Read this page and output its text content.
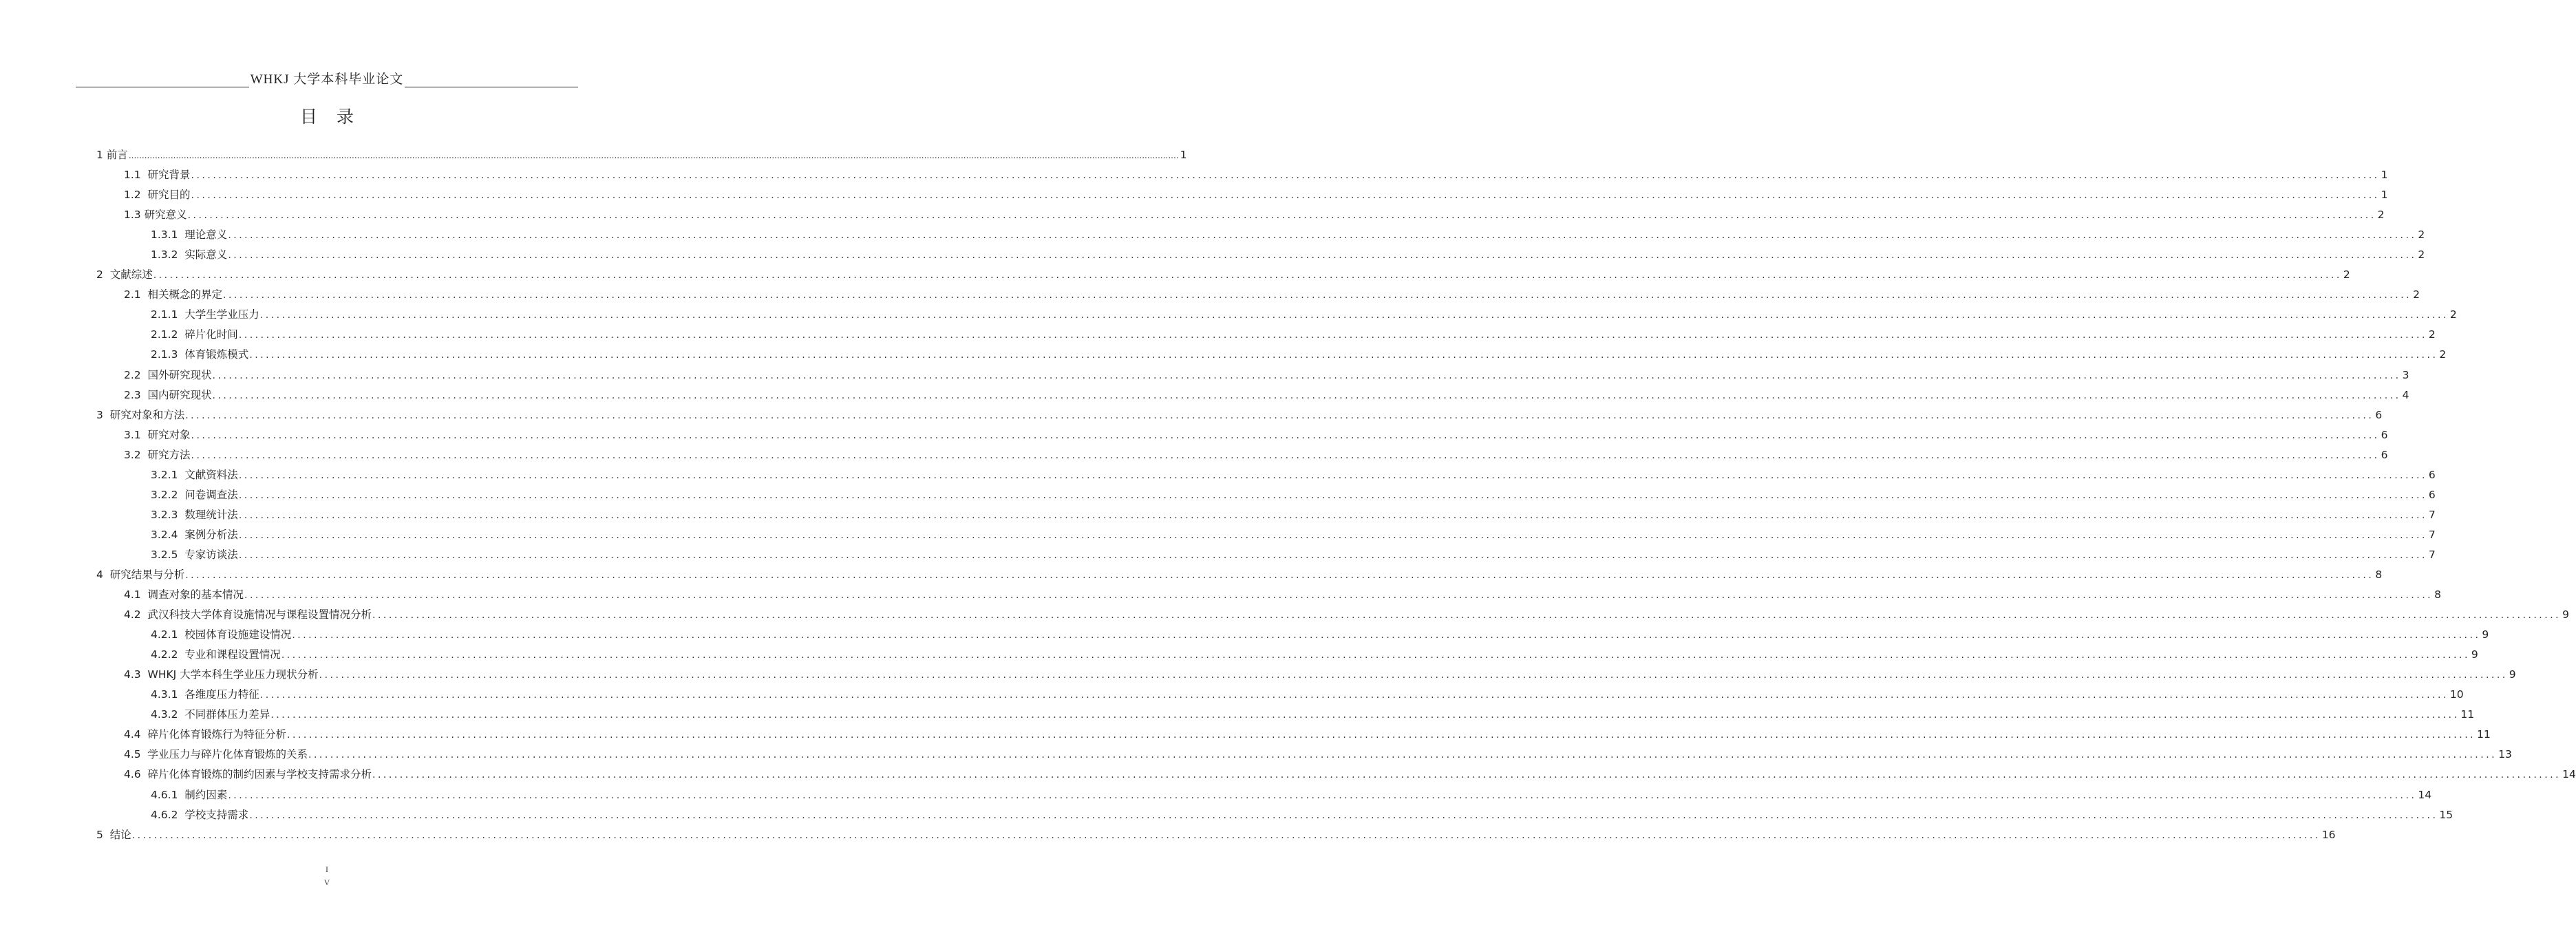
WHKJ 大学本科毕业论文
目 录
1 前言 ................................................................................................................................................................................................................................................................................................................................................................................................................ 1
1.1 研究背景 ................................................................................................................................................................................................................................................................................................................................................................................................................ 1
1.2 研究目的 ................................................................................................................................................................................................................................................................................................................................................................................................................ 1
1.3 研究意义 ................................................................................................................................................................................................................................................................................................................................................................................................................ 2
1.3.1 理论意义 ................................................................................................................................................................................................................................................................................................................................................................................................................ 2
1.3.2 实际意义 ................................................................................................................................................................................................................................................................................................................................................................................................................ 2
2 文献综述 ................................................................................................................................................................................................................................................................................................................................................................................................................ 2
2.1 相关概念的界定 ................................................................................................................................................................................................................................................................................................................................................................................................................ 2
2.1.1 大学生学业压力 ................................................................................................................................................................................................................................................................................................................................................................................................................ 2
2.1.2 碎片化时间 ................................................................................................................................................................................................................................................................................................................................................................................................................ 2
2.1.3 体育锻炼模式 ................................................................................................................................................................................................................................................................................................................................................................................................................ 2
2.2 国外研究现状 ................................................................................................................................................................................................................................................................................................................................................................................................................ 3
2.3 国内研究现状 ................................................................................................................................................................................................................................................................................................................................................................................................................ 4
3 研究对象和方法 ................................................................................................................................................................................................................................................................................................................................................................................................................ 6
3.1 研究对象 ................................................................................................................................................................................................................................................................................................................................................................................................................ 6
3.2 研究方法 ................................................................................................................................................................................................................................................................................................................................................................................................................ 6
3.2.1 文献资料法 ................................................................................................................................................................................................................................................................................................................................................................................................................ 6
3.2.2 问卷调查法 ................................................................................................................................................................................................................................................................................................................................................................................................................ 6
3.2.3 数理统计法 ................................................................................................................................................................................................................................................................................................................................................................................................................ 7
3.2.4 案例分析法 ................................................................................................................................................................................................................................................................................................................................................................................................................ 7
3.2.5 专家访谈法 ................................................................................................................................................................................................................................................................................................................................................................................................................ 7
4 研究结果与分析 ................................................................................................................................................................................................................................................................................................................................................................................................................ 8
4.1 调查对象的基本情况 ................................................................................................................................................................................................................................................................................................................................................................................................................ 8
4.2 武汉科技大学体育设施情况与课程设置情况分析 ................................................................................................................................................................................................................................................................................................................................................................................................................ 9
4.2.1 校园体育设施建设情况 ................................................................................................................................................................................................................................................................................................................................................................................................................ 9
4.2.2 专业和课程设置情况 ................................................................................................................................................................................................................................................................................................................................................................................................................ 9
4.3 WHKJ 大学本科生学业压力现状分析 ................................................................................................................................................................................................................................................................................................................................................................................................................ 9
4.3.1 各维度压力特征 ................................................................................................................................................................................................................................................................................................................................................................................................................ 10
4.3.2 不同群体压力差异 ................................................................................................................................................................................................................................................................................................................................................................................................................ 11
4.4 碎片化体育锻炼行为特征分析 ................................................................................................................................................................................................................................................................................................................................................................................................................ 11
4.5 学业压力与碎片化体育锻炼的关系 ................................................................................................................................................................................................................................................................................................................................................................................................................ 13
4.6 碎片化体育锻炼的制约因素与学校支持需求分析 ................................................................................................................................................................................................................................................................................................................................................................................................................ 14
4.6.1 制约因素 ................................................................................................................................................................................................................................................................................................................................................................................................................ 14
4.6.2 学校支持需求 ................................................................................................................................................................................................................................................................................................................................................................................................................ 15
5 结论 ................................................................................................................................................................................................................................................................................................................................................................................................................ 16
I
V
